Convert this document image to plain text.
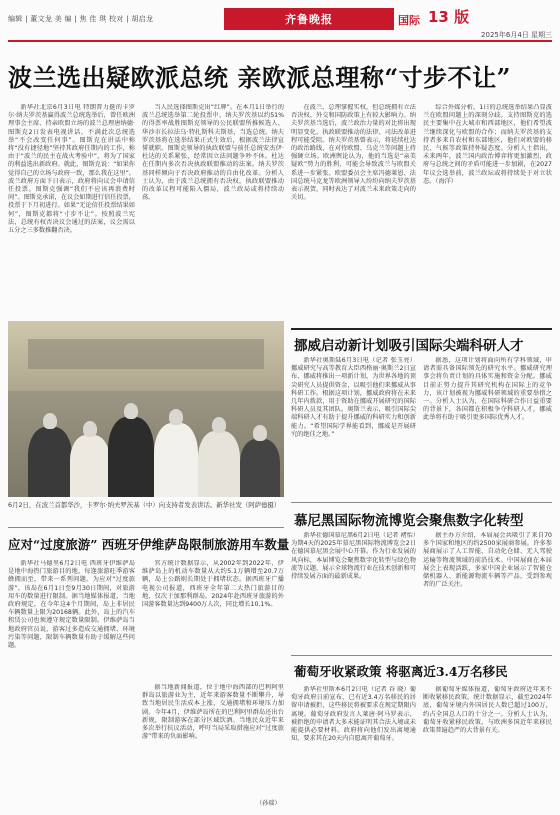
编辑 | 董文龙 美 编 | 焦 佳 琪 校对 | 胡启龙	齐鲁晚报	国际 13 版
2025年6月4日 星期三
波兰选出疑欧派总统 亲欧派总理称“寸步不让”

新华社北京6月3日电 特朗普力挺的卡罗尔·纳夫罗茨基赢得波兰总统选举后，曾任欧洲理事会主席、持亲欧盟立场的波兰总理唐纳德·图斯克2日发表电视讲话，不满此次总统选举“不会改变任何事”。图斯克在讲话中称将“没有捷径地”坚持其政府任期内的工作，称由于“波兰的民主在战火考验中”，将为了国家的利益选出新政府。就此，图斯克说：“如果你觉得自己的立场与政府一致，那么我在这里”。波兰政府方面下日表示，政府将向议会申请信任投票。图斯克强调“我们不应该再浪费时间”。图斯克承诺，在议会如期进行信任投票，投票于下月初进行。如果“无论信任投票结果如何”，图斯克都将“寸步不让”。按照波兰宪法，总统有权否决议会通过的法案，议会需以五分之三多数推翻否决。

当人民选择图斯克出“红牌”。在本月1日举行的波兰总统选举第二轮投票中，纳夫罗茨基以约51%的得票率战胜图斯克领导的公民联盟所推候选人、华沙市长拉法乌·特扎斯科夫斯基，当选总统。纳夫罗茨基将在选举结果正式生效后，根据波兰法律宣誓就职。图斯克领导的执政联盟与前任总统安杰伊·杜达的关系紧张，经常因立法问题争吵不休。杜达在任期内多次否决执政联盟推动的法案。纳夫罗茨基同样倾向于否决政府推动的自由化改革。分析人士认为，由于波兰总统拥有否决权，执政联盟推动的改革议程可能陷入僵局，波兰政局或将持续动荡。

在波兰，总理掌握实权，但总统拥有立法否决权、外交和国防政策上有较大影响力。纳夫罗茨基当选后，波兰政治力量的对比将出现明显变化，执政联盟推动的法律、司法改革进程可能受阻。纳夫罗茨基曾表示，将延续杜达的政治路线，在对待欧盟、乌克兰等问题上持强硬立场。欧洲舆论认为，他的当选是“亲美疑欧”势力的胜利，可能会导致波兰与欧盟关系进一步紧张。欧盟委员会主席冯德莱恩、法国总统马克龙等欧洲领导人纷纷向纳夫罗茨基表示祝贺，同时表达了对波兰未来政策走向的关切。

综合外媒分析，1日的总统选举结果凸显波兰在欧盟问题上的深刻分歧。支持图斯克的选民主要集中在大城市和西部地区，他们希望波兰继续深化与欧盟的合作；而纳夫罗茨基的支持者多来自农村和东部地区，他们对欧盟的移民、气候等政策持怀疑态度。分析人士指出，未来两年，波兰国内政治博弈将更加激烈，政府与总统之间的矛盾可能进一步加剧，在2027年议会选举前，波兰政坛或将持续处于对立状态。（海洋）

6月2日，在波兰首都华沙，卡罗尔·纳夫罗茨基（中）向支持者发表讲话。新华社发（阿萨德摄）
挪威启动新计划吸引国际尖端科研人才

新华社奥斯陆6月3日电（记者 张玉亮）挪威研究与高等教育大臣西格丽·奥斯兰2日宣布，挪威将推出一项新计划，为世界各地的顶尖研究人员提供资金，以吸引他们来挪威从事科研工作。根据这项计划，挪威政府将在未来几年内拨款，用于资助在挪威开展研究的国际科研人员及其团队。奥斯兰表示，吸引国际尖端科研人才有助于提升挪威的科研实力和创新能力。“希望国际学界能看到，挪威是开展研究的绝佳之地。”

据悉，这项计划将面向所有学科领域，申请者需具备国际领先的研究水平。挪威研究理事会将负责计划的具体实施和资金分配。挪威目前正努力提升其研究机构在国际上的竞争力，该计划被视为挪威科研领域的重要举措之一。分析人士认为，在国际科研合作日益重要的背景下，各国都在积极争夺科研人才，挪威此举将有助于吸引更多国际优秀人才。

慕尼黑国际物流博览会聚焦数字化转型

新华社德国慕尼黑6月2日电（记者 褚怡）为期4天的2025年慕尼黑国际物流博览会2日在德国慕尼黑会展中心开幕。作为行业发展的风向标，本届博览会聚焦数字化转型与绿色物流等议题，展示全球物流行业在技术创新和可持续发展方面的最新成果。

据主办方介绍，本届展会共吸引了来自70多个国家和地区的约2500家展商参展。许多参展商展示了人工智能、自动化仓储、无人驾驶运输等物流领域的前沿技术。中国展商在本届展会上表现活跃，多家中国企业展示了智能仓储机器人、新能源物流车辆等产品，受到参观者的广泛关注。

应对“过度旅游” 西班牙伊维萨岛限制旅游用车数量

新华社马德里6月2日电 西班牙伊维萨岛是地中海热门旅游目的地，每逢旅游旺季游客蜂拥而至，带来一系列问题。为应对“过度旅游”，该岛在6月1日至9月30日期间，对旅游用车的数量进行限制。据当地媒体报道，当地政府规定，在今年这4个月期间，岛上非居民车辆数量上限为20168辆。此外，岛上的汽车租赁公司也须遵守规定数量限制。伊维萨岛当地政府官员说，游客过多造成交通拥堵、环境污染等问题，限制车辆数量有助于缓解这些问题。

官方统计数据显示，从2002年到2022年，伊维萨岛上的机动车数量从大约5.1万辆增至20.7万辆，岛上公路则长期处于拥堵状态。据西班牙广播电视公司报道，西班牙全年第二大热门旅游目的地，仅次于加那利群岛。2024年赴西班牙旅游的外国游客数量达到9400万人次，同比增长10.1%。

据当地新闻报道，位于地中海西部的巴利阿里群岛以旅游业为主，近年来游客数量不断攀升，导致当地居民生活成本上涨、交通拥堵和环境压力加剧。今年4月，伊维萨岛所在的巴利阿里群岛还出台新规，限制游客在部分区域饮酒。当地民众近年来多次举行抗议活动，呼吁当局采取措施应对“过度旅游”带来的负面影响。

（孙瑞）
葡萄牙收紧政策 将驱离近3.4万名移民

新华社里斯本6月2日电（记者 谷 晓）葡萄牙政府日前宣布，已有近3.4万名移民的居留申请被拒，这些移民将被要求在规定期限内离境。葡萄牙政府发言人莱唐·阿马罗表示，被拒绝的申请者大多未能证明其合法入境或未能提供必要材料。政府将向他们发出离境通知，要求其在20天内自愿离开葡萄牙。

据葡萄牙媒体报道，葡萄牙政府近年来不断收紧移民政策。统计数据显示，截至2024年底，葡萄牙境内外国居民人数已超过100万，约占全国总人口的十分之一。分析人士认为，葡萄牙收紧移民政策，与欧洲多国近年来移民政策普遍趋严的大背景有关。
